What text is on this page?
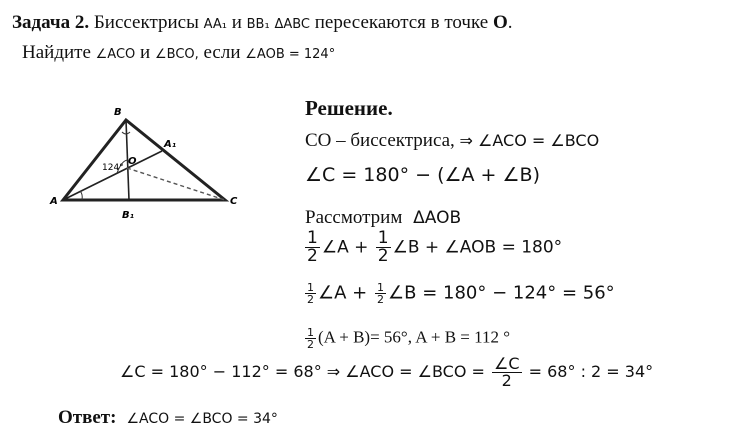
Задача 2. Биссектрисы AA₁ и BB₁ ΔABC пересекаются в точке O.
Найдите ∠ACO и ∠BCO, если ∠AOB = 124°
B
A₁
124°
O
A	C
B₁
Решение.
CO – биссектриса, ⇒ ∠ACO = ∠BCO
∠C = 180° − (∠A + ∠B)
Рассмотрим ΔAOB
$\frac{1}{2}$ ∠A + $\frac{1}{2}$ ∠B + ∠AOB = 180°
$\frac{1}{2}$ ∠A + $\frac{1}{2}$ ∠B = 180° − 124° = 56°
$\frac{1}{2} (A + B)= 56^\circ$, A + B = 112 °
∠C = 180° − 112° = 68° ⇒ ∠ACO = ∠BCO = $\frac{\angle C}{2} = 68^\circ$ : 2 = 34°
Ответ: ∠ACO = ∠BCO = 34°
